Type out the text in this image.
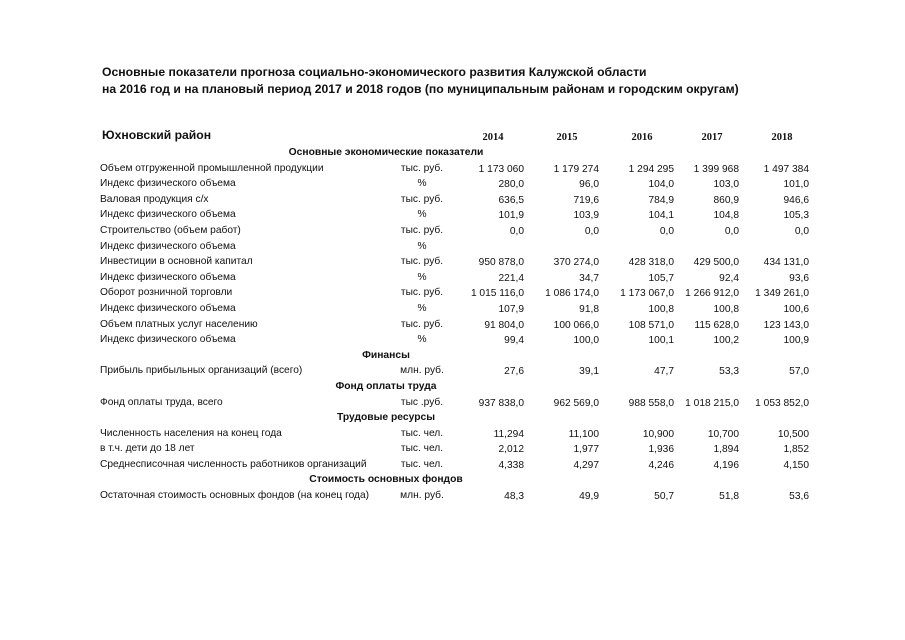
Основные показатели прогноза социально-экономического развития Калужской области
на 2016 год и на плановый период 2017 и 2018 годов (по муниципальным районам и городским округам)
Юхновский район	2014	2015	2016	2017	2018
Основные экономические показатели
Объем отгруженной промышленной продукции	тыс. руб.	1 173 060	1 179 274	1 294 295	1 399 968	1 497 384
Индекс физического объема	%	280,0	96,0	104,0	103,0	101,0
Валовая продукция с/х	тыс. руб.	636,5	719,6	784,9	860,9	946,6
Индекс физического объема	%	101,9	103,9	104,1	104,8	105,3
Строительство (объем работ)	тыс. руб.	0,0	0,0	0,0	0,0	0,0
Индекс физического объема	%
Инвестиции в основной капитал	тыс. руб.	950 878,0	370 274,0	428 318,0	429 500,0	434 131,0
Индекс физического объема	%	221,4	34,7	105,7	92,4	93,6
Оборот розничной торговли	тыс. руб.	1 015 116,0	1 086 174,0	1 173 067,0	1 266 912,0	1 349 261,0
Индекс физического объема	%	107,9	91,8	100,8	100,8	100,6
Объем платных услуг населению	тыс. руб.	91 804,0	100 066,0	108 571,0	115 628,0	123 143,0
Индекс физического объема	%	99,4	100,0	100,1	100,2	100,9
Финансы
Прибыль прибыльных организаций (всего)	млн. руб.	27,6	39,1	47,7	53,3	57,0
Фонд оплаты труда
Фонд оплаты труда, всего	тыс .руб.	937 838,0	962 569,0	988 558,0	1 018 215,0	1 053 852,0
Трудовые ресурсы
Численность населения на конец года	тыс. чел.	11,294	11,100	10,900	10,700	10,500
в т.ч. дети до 18 лет	тыс. чел.	2,012	1,977	1,936	1,894	1,852
Среднесписочная численность работников организаций	тыс. чел.	4,338	4,297	4,246	4,196	4,150
Стоимость основных фондов
Остаточная стоимость основных фондов (на конец года)	млн. руб.	48,3	49,9	50,7	51,8	53,6
